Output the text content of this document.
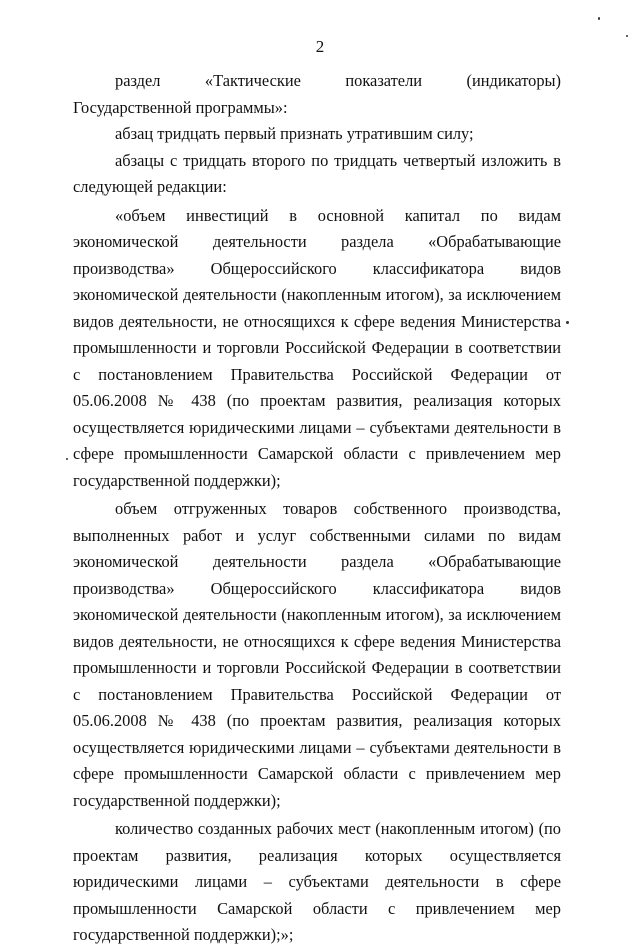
2

раздел «Тактические показатели (индикаторы) Государственной программы»:

абзац тридцать первый признать утратившим силу;

абзацы с тридцать второго по тридцать четвертый изложить в следующей редакции:

«объем инвестиций в основной капитал по видам экономической деятельности раздела «Обрабатывающие производства» Общероссийского классификатора видов экономической деятельности (накопленным итогом), за исключением видов деятельности, не относящихся к сфере ведения Министерства промышленности и торговли Российской Федерации в соответствии с постановлением Правительства Российской Федерации от 05.06.2008 № 438 (по проектам развития, реализация которых осуществляется юридическими лицами – субъектами деятельности в сфере промышленности Самарской области с привлечением мер государственной поддержки);

объем отгруженных товаров собственного производства, выполненных работ и услуг собственными силами по видам экономической деятельности раздела «Обрабатывающие производства» Общероссийского классификатора видов экономической деятельности (накопленным итогом), за исключением видов деятельности, не относящихся к сфере ведения Министерства промышленности и торговли Российской Федерации в соответствии с постановлением Правительства Российской Федерации от 05.06.2008 № 438 (по проектам развития, реализация которых осуществляется юридическими лицами – субъектами деятельности в сфере промышленности Самарской области с привлечением мер государственной поддержки);

количество созданных рабочих мест (накопленным итогом) (по проектам развития, реализация которых осуществляется юридическими лицами – субъектами деятельности в сфере промышленности Самарской области с привлечением мер государственной поддержки);»;
